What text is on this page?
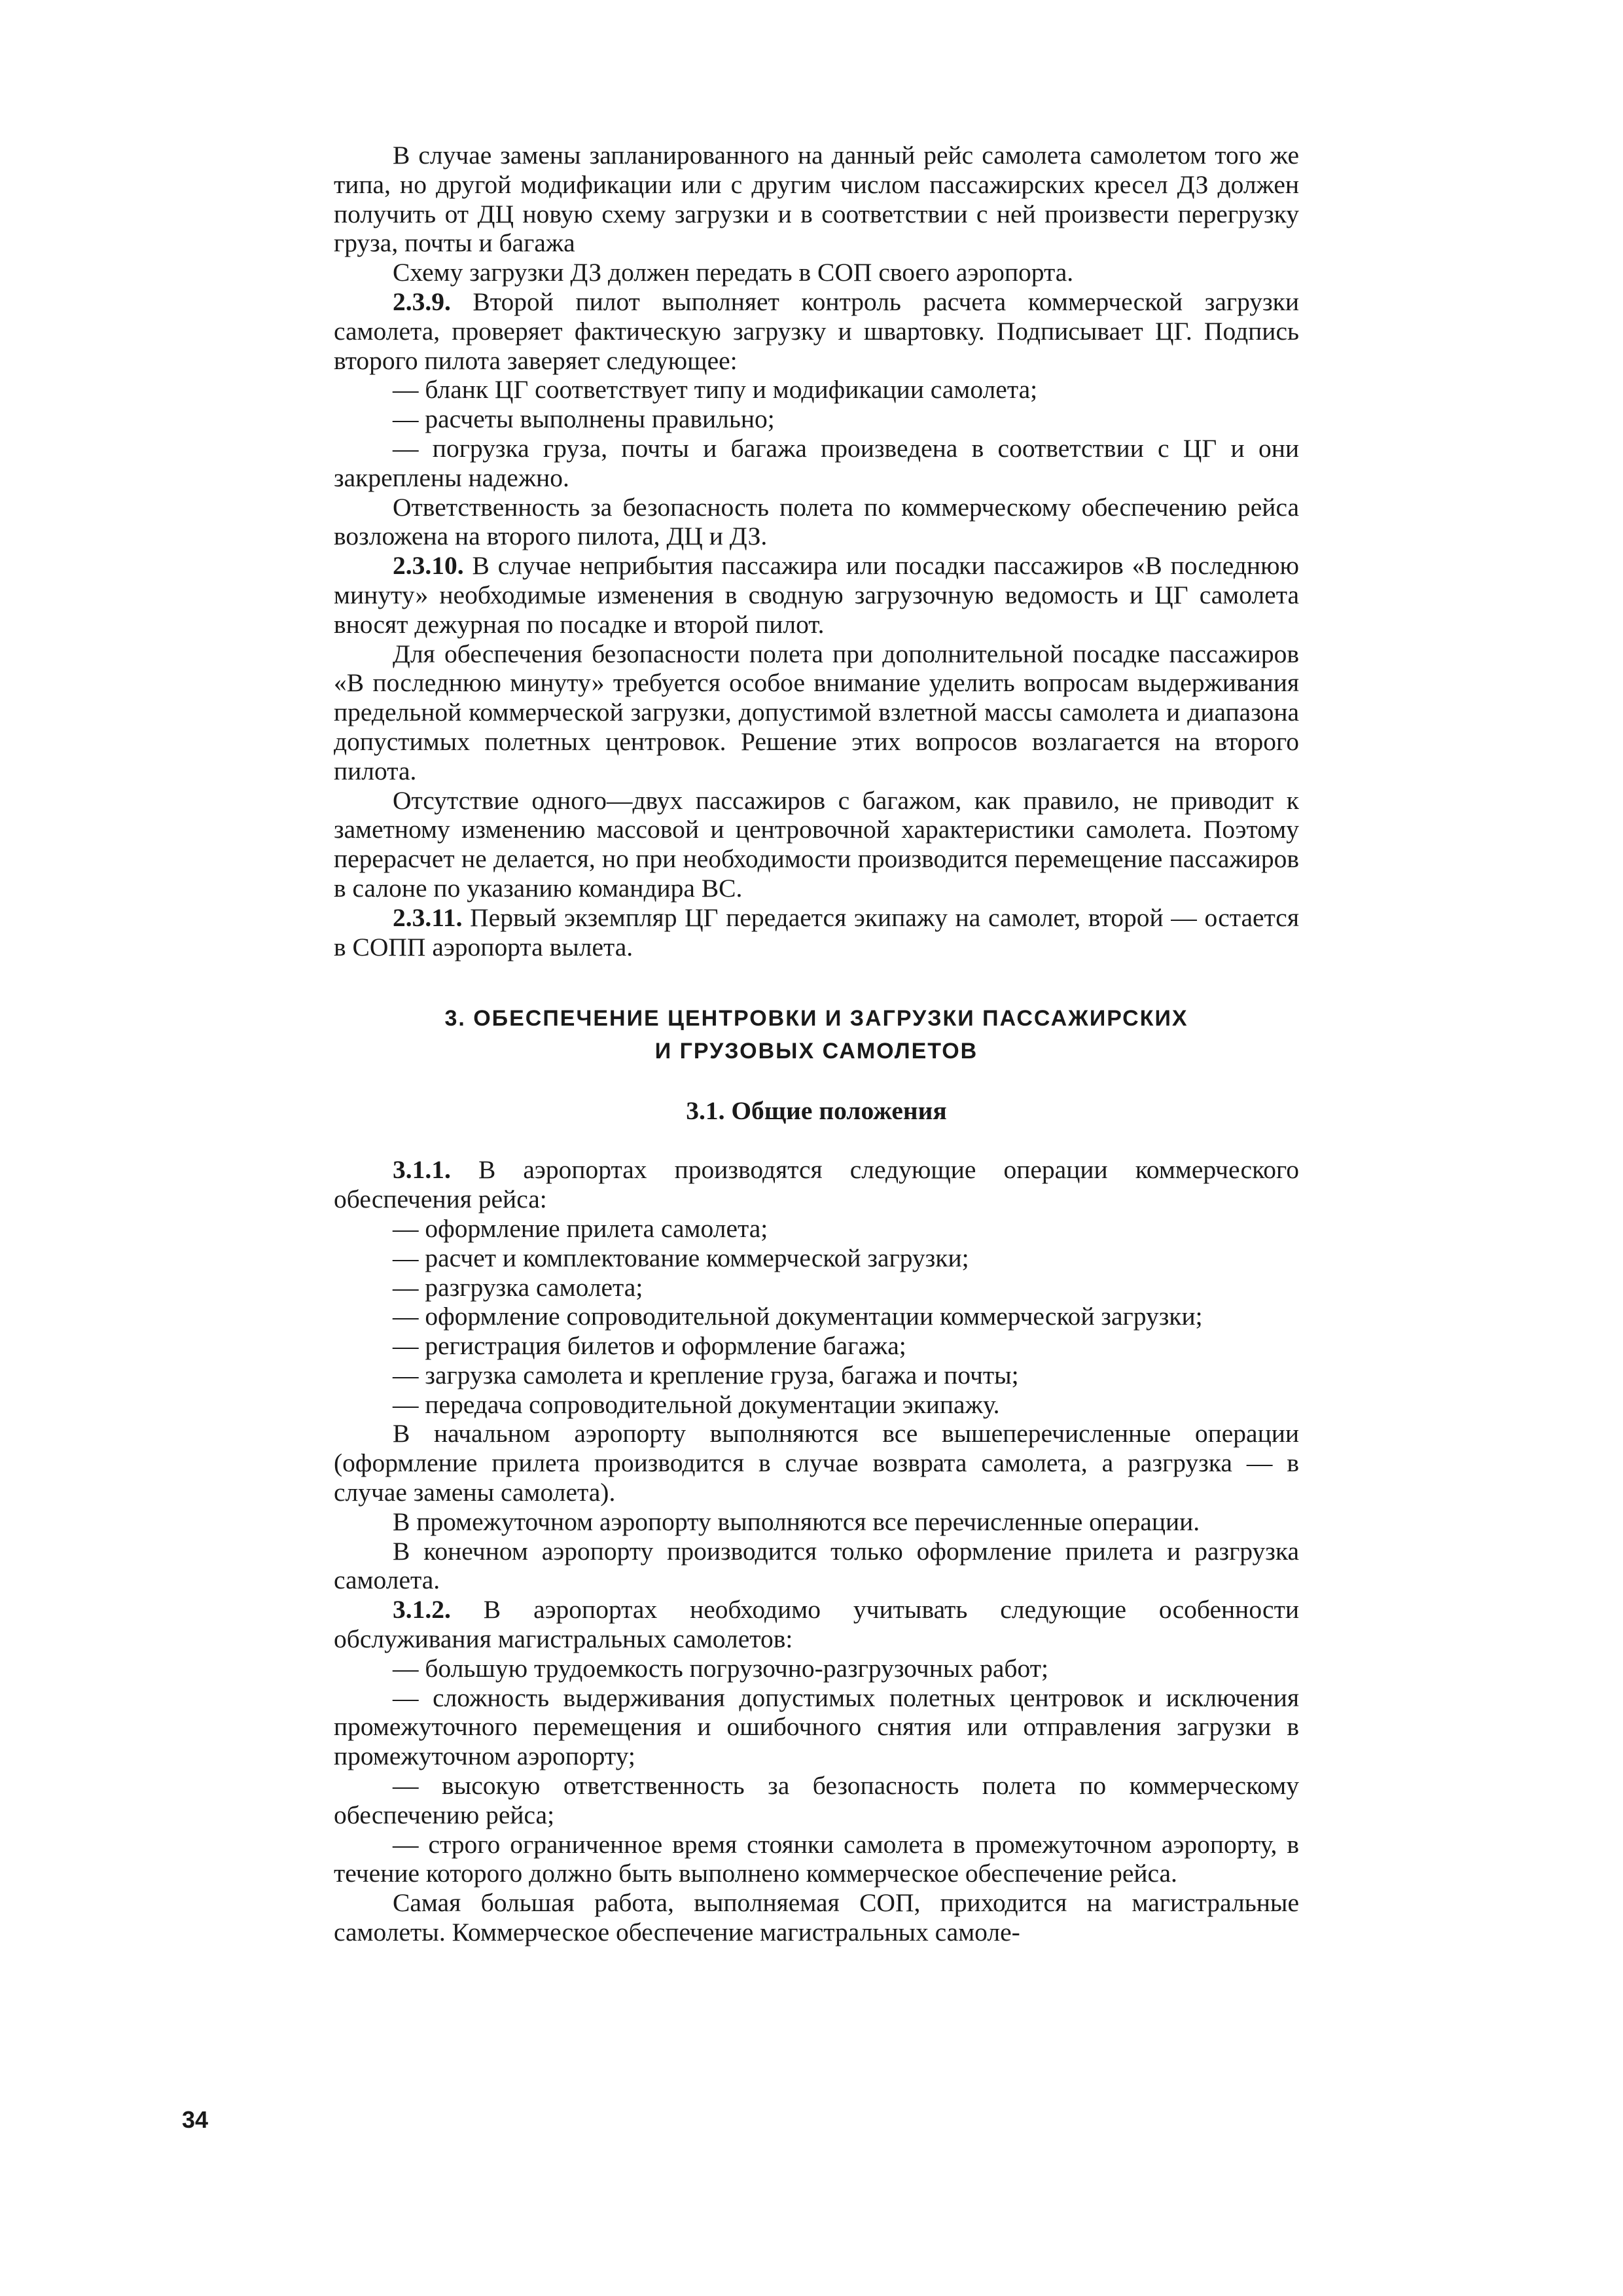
В случае замены запланированного на данный рейс самолета самолетом того же типа, но другой модификации или с другим числом пассажирских кресел ДЗ должен получить от ДЦ новую схему загрузки и в соответствии с ней произвести перегрузку груза, почты и багажа

Схему загрузки ДЗ должен передать в СОП своего аэропорта.

2.3.9. Второй пилот выполняет контроль расчета коммерческой загрузки самолета, проверяет фактическую загрузку и швартовку. Подписывает ЦГ. Подпись второго пилота заверяет следующее:

— бланк ЦГ соответствует типу и модификации самолета;

— расчеты выполнены правильно;

— погрузка груза, почты и багажа произведена в соответствии с ЦГ и они закреплены надежно.

Ответственность за безопасность полета по коммерческому обеспечению рейса возложена на второго пилота, ДЦ и ДЗ.

2.3.10. В случае неприбытия пассажира или посадки пассажиров «В последнюю минуту» необходимые изменения в сводную загрузочную ведомость и ЦГ самолета вносят дежурная по посадке и второй пилот.

Для обеспечения безопасности полета при дополнительной посадке пассажиров «В последнюю минуту» требуется особое внимание уделить вопросам выдерживания предельной коммерческой загрузки, допустимой взлетной массы самолета и диапазона допустимых полетных центровок. Решение этих вопросов возлагается на второго пилота.

Отсутствие одного—двух пассажиров с багажом, как правило, не приводит к заметному изменению массовой и центровочной характеристики самолета. Поэтому перерасчет не делается, но при необходимости производится перемещение пассажиров в салоне по указанию командира ВС.

2.3.11. Первый экземпляр ЦГ передается экипажу на самолет, второй — остается в СОПП аэропорта вылета.

3. ОБЕСПЕЧЕНИЕ ЦЕНТРОВКИ И ЗАГРУЗКИ ПАССАЖИРСКИХ
И ГРУЗОВЫХ САМОЛЕТОВ
3.1. Общие положения

3.1.1. В аэропортах производятся следующие операции коммерческого обеспечения рейса:

— оформление прилета самолета;

— расчет и комплектование коммерческой загрузки;

— разгрузка самолета;

— оформление сопроводительной документации коммерческой загрузки;

— регистрация билетов и оформление багажа;

— загрузка самолета и крепление груза, багажа и почты;

— передача сопроводительной документации экипажу.

В начальном аэропорту выполняются все вышеперечисленные операции (оформление прилета производится в случае возврата самолета, а разгрузка — в случае замены самолета).

В промежуточном аэропорту выполняются все перечисленные операции.

В конечном аэропорту производится только оформление прилета и разгрузка самолета.

3.1.2. В аэропортах необходимо учитывать следующие особенности обслуживания магистральных самолетов:

— большую трудоемкость погрузочно-разгрузочных работ;

— сложность выдерживания допустимых полетных центровок и исключения промежуточного перемещения и ошибочного снятия или отправления загрузки в промежуточном аэропорту;

— высокую ответственность за безопасность полета по коммерческому обеспечению рейса;

— строго ограниченное время стоянки самолета в промежуточном аэропорту, в течение которого должно быть выполнено коммерческое обеспечение рейса.

Самая большая работа, выполняемая СОП, приходится на магистральные самолеты. Коммерческое обеспечение магистральных самоле-

34
